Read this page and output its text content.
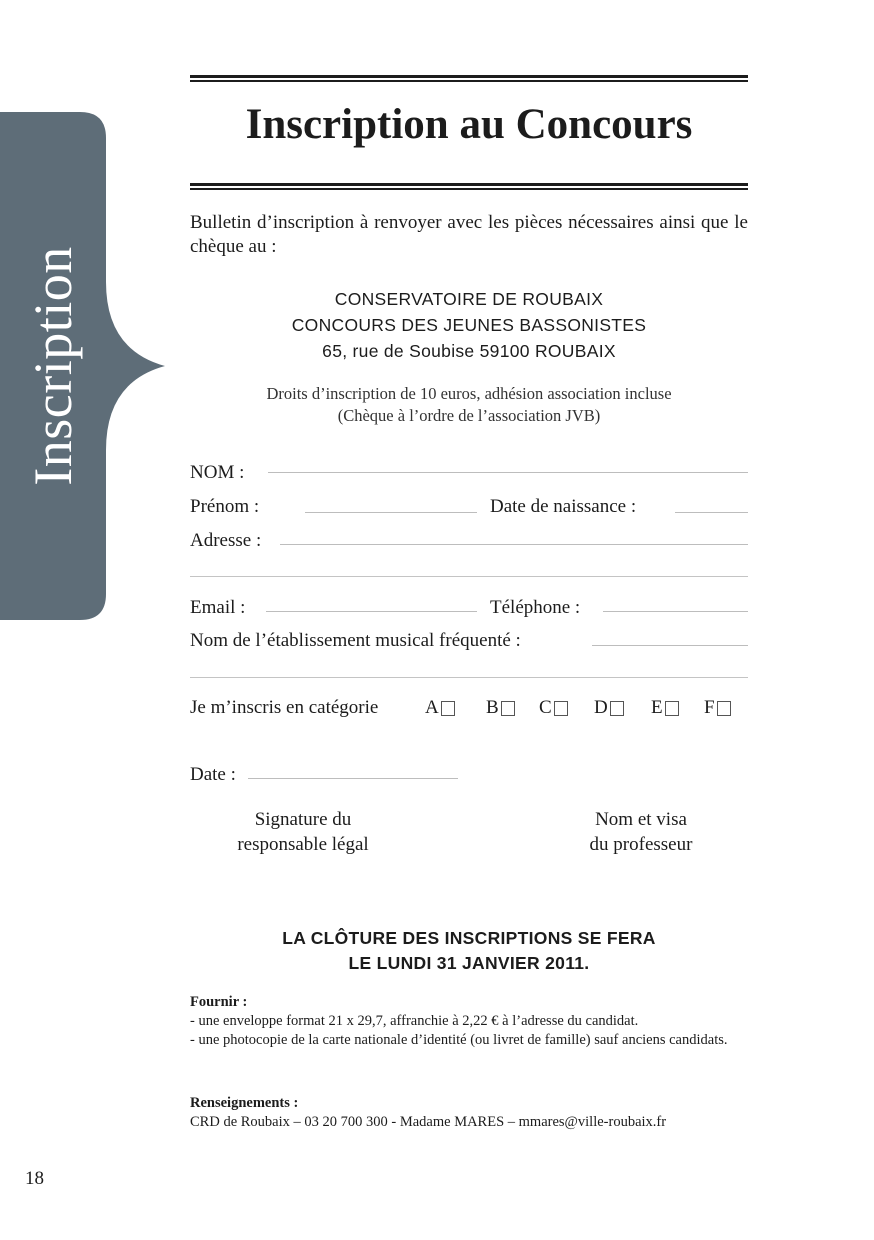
Inscription
Inscription au Concours
Bulletin d’inscription à renvoyer avec les pièces nécessaires ainsi que le chèque au :
CONSERVATOIRE DE ROUBAIX
CONCOURS DES JEUNES BASSONISTES
65, rue de Soubise 59100 ROUBAIX
Droits d’inscription de 10 euros, adhésion association incluse
(Chèque à l’ordre de l’association JVB)
NOM :
Prénom :	Date de naissance :
Adresse :
Email :	Téléphone :
Nom de l’établissement musical fréquenté :
Je m’inscris en catégorie A B C D E F
Date :
Signature du
responsable légal
Nom et visa
du professeur
LA CLÔTURE DES INSCRIPTIONS SE FERA
LE LUNDI 31 JANVIER 2011.
Fournir :
- une enveloppe format 21 x 29,7, affranchie à 2,22 € à l’adresse du candidat.
- une photocopie de la carte nationale d’identité (ou livret de famille) sauf anciens candidats.
Renseignements :
CRD de Roubaix – 03 20 700 300 - Madame MARES – mmares@ville-roubaix.fr
18
